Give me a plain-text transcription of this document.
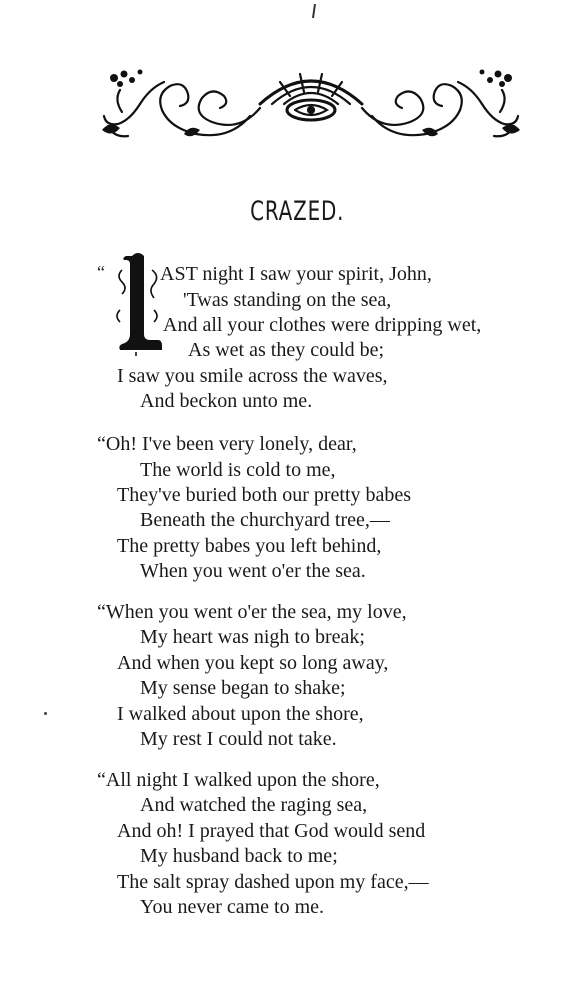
CRAZED.
L
“	AST night I saw your spirit, John,
'Twas standing on the sea,
And all your clothes were dripping wet,
As wet as they could be;
I saw you smile across the waves,
And beckon unto me.
“Oh! I've been very lonely, dear,
The world is cold to me,
They've buried both our pretty babes
Beneath the churchyard tree,—
The pretty babes you left behind,
When you went o'er the sea.
“When you went o'er the sea, my love,
My heart was nigh to break;
And when you kept so long away,
My sense began to shake;
I walked about upon the shore,
My rest I could not take.
“All night I walked upon the shore,
And watched the raging sea,
And oh! I prayed that God would send
My husband back to me;
The salt spray dashed upon my face,—
You never came to me.
